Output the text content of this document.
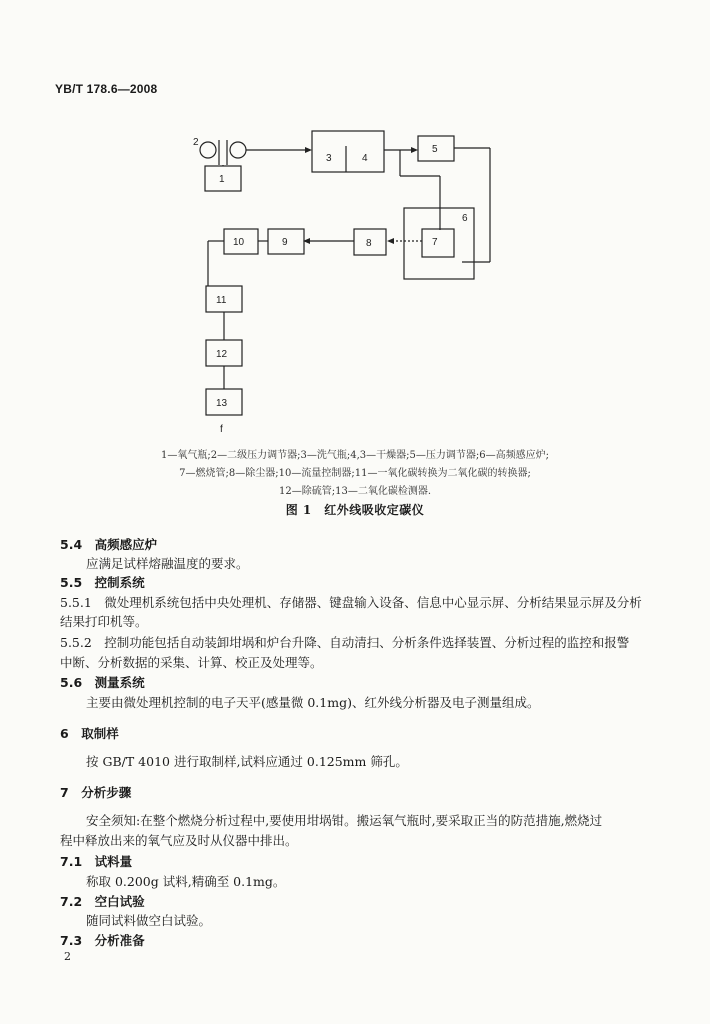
YB/T 178.6—2008
2
1
3	4
5
6
7
8
9
10
11
12
13
f
1—氧气瓶;2—二级压力调节器;3—洗气瓶;4,3—干燥器;5—压力调节器;6—高频感应炉;
7—燃烧管;8—除尘器;10—流量控制器;11—一氧化碳转换为二氧化碳的转换器;
12—除硫管;13—二氧化碳检测器.
图 1　红外线吸收定碳仪
5.4　高频感应炉
应满足试样熔融温度的要求。
5.5　控制系统
5.5.1　微处理机系统包括中央处理机、存储器、键盘输入设备、信息中心显示屏、分析结果显示屏及分析
结果打印机等。
5.5.2　控制功能包括自动装卸坩埚和炉台升降、自动清扫、分析条件选择装置、分析过程的监控和报警
中断、分析数据的采集、计算、校正及处理等。
5.6　测量系统
主要由微处理机控制的电子天平(感量微 0.1mg)、红外线分析器及电子测量组成。
6　取制样
按 GB/T 4010 进行取制样,试料应通过 0.125mm 筛孔。
7　分析步骤
安全须知:在整个燃烧分析过程中,要使用坩埚钳。搬运氧气瓶时,要采取正当的防范措施,燃烧过
程中释放出来的氧气应及时从仪器中排出。
7.1　试料量
称取 0.200g 试料,精确至 0.1mg。
7.2　空白试验
随同试料做空白试验。
7.3　分析准备
2
